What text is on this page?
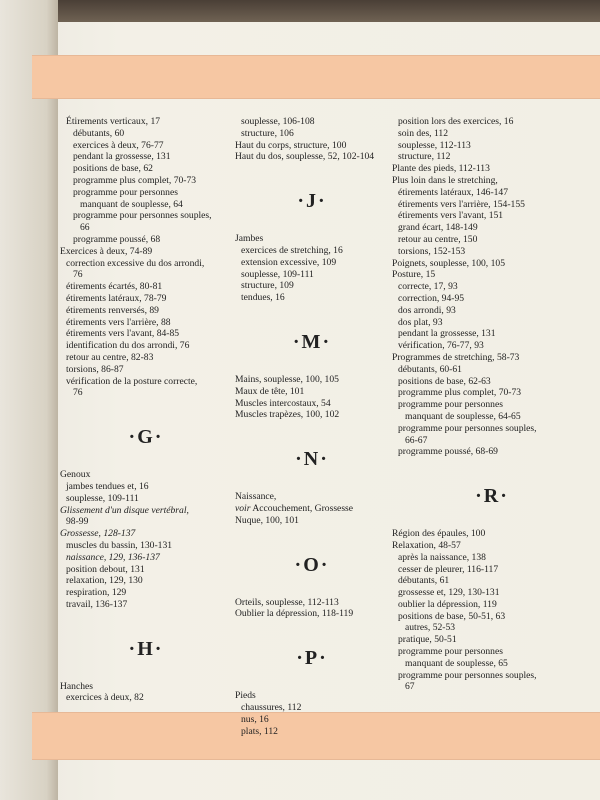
Étirements verticaux, 17
débutants, 60
exercices à deux, 76-77
pendant la grossesse, 131
positions de base, 62
programme plus complet, 70-73
programme pour personnes
manquant de souplesse, 64
programme pour personnes souples,
66
programme poussé, 68
Exercices à deux, 74-89
correction excessive du dos arrondi,
76
étirements écartés, 80-81
étirements latéraux, 78-79
étirements renversés, 89
étirements vers l'arrière, 88
étirements vers l'avant, 84-85
identification du dos arrondi, 76
retour au centre, 82-83
torsions, 86-87
vérification de la posture correcte,
76
·G·
Genoux
jambes tendues et, 16
souplesse, 109-111
Glissement d'un disque vertébral,
98-99
Grossesse, 128-137
muscles du bassin, 130-131
naissance, 129, 136-137
position debout, 131
relaxation, 129, 130
respiration, 129
travail, 136-137
·H·
Hanches
exercices à deux, 82
souplesse, 106-108
structure, 106
Haut du corps, structure, 100
Haut du dos, souplesse, 52, 102-104
·J·
Jambes
exercices de stretching, 16
extension excessive, 109
souplesse, 109-111
structure, 109
tendues, 16
·M·
Mains, souplesse, 100, 105
Maux de tête, 101
Muscles intercostaux, 54
Muscles trapèzes, 100, 102
·N·
Naissance,
voir Accouchement, Grossesse
Nuque, 100, 101
·O·
Orteils, souplesse, 112-113
Oublier la dépression, 118-119
·P·
Pieds
chaussures, 112
nus, 16
plats, 112
position lors des exercices, 16
soin des, 112
souplesse, 112-113
structure, 112
Plante des pieds, 112-113
Plus loin dans le stretching,
étirements latéraux, 146-147
étirements vers l'arrière, 154-155
étirements vers l'avant, 151
grand écart, 148-149
retour au centre, 150
torsions, 152-153
Poignets, souplesse, 100, 105
Posture, 15
correcte, 17, 93
correction, 94-95
dos arrondi, 93
dos plat, 93
pendant la grossesse, 131
vérification, 76-77, 93
Programmes de stretching, 58-73
débutants, 60-61
positions de base, 62-63
programme plus complet, 70-73
programme pour personnes
manquant de souplesse, 64-65
programme pour personnes souples,
66-67
programme poussé, 68-69
·R·
Région des épaules, 100
Relaxation, 48-57
après la naissance, 138
cesser de pleurer, 116-117
débutants, 61
grossesse et, 129, 130-131
oublier la dépression, 119
positions de base, 50-51, 63
autres, 52-53
pratique, 50-51
programme pour personnes
manquant de souplesse, 65
programme pour personnes souples,
67
